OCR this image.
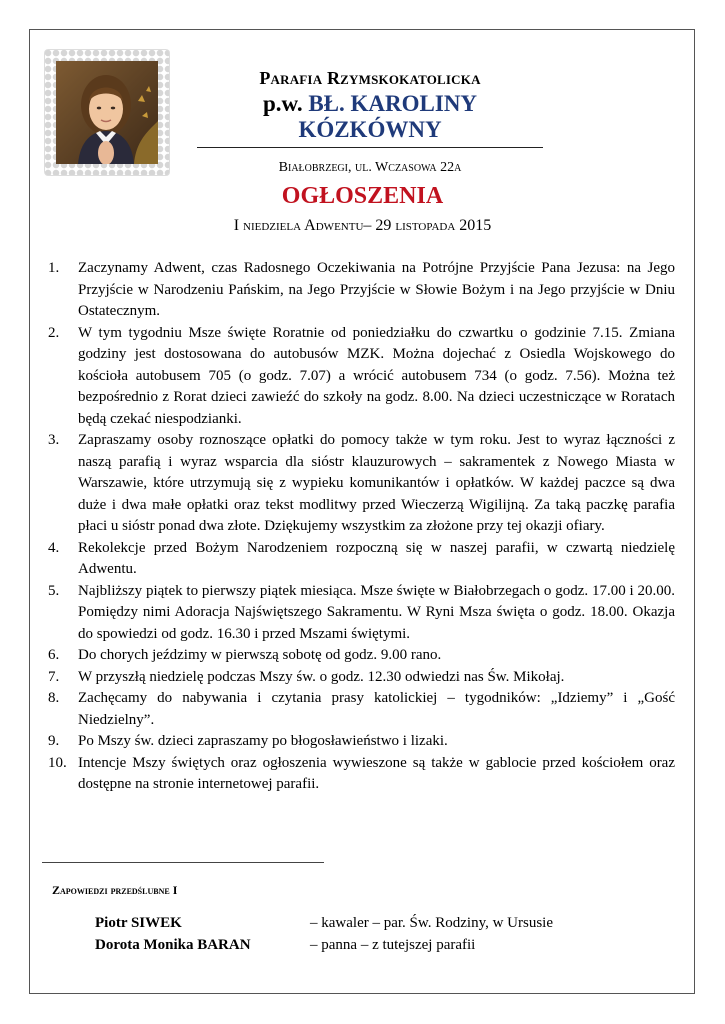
Parafia Rzymskokatolicka
p.w. BŁ. KAROLINY KÓZKÓWNY
Białobrzegi, ul. Wczasowa 22a
OGŁOSZENIA
I niedziela Adwentu– 29 listopada 2015
1.	Zaczynamy Adwent, czas Radosnego Oczekiwania na Potrójne Przyjście Pana Jezusa: na Jego Przyjście w Narodzeniu Pańskim, na Jego Przyjście w Słowie Bożym i na Jego przyjście w Dniu Ostatecznym.
2.	W tym tygodniu Msze święte Roratnie od poniedziałku do czwartku o godzinie 7.15. Zmiana godziny jest dostosowana do autobusów MZK. Można dojechać z Osiedla Wojskowego do kościoła autobusem 705 (o godz. 7.07) a wrócić autobusem 734 (o godz. 7.56). Można też bezpośrednio z Rorat dzieci zawieźć do szkoły na godz. 8.00. Na dzieci uczestniczące w Roratach będą czekać niespodzianki.
3.	Zapraszamy osoby roznoszące opłatki do pomocy także w tym roku. Jest to wyraz łączności z naszą parafią i wyraz wsparcia dla sióstr klauzurowych – sakramentek z Nowego Miasta w Warszawie, które utrzymują się z wypieku komunikantów i opłatków. W każdej paczce są dwa duże i dwa małe opłatki oraz tekst modlitwy przed Wieczerzą Wigilijną. Za taką paczkę parafia płaci u sióstr ponad dwa złote. Dziękujemy wszystkim za złożone przy tej okazji ofiary.
4.	Rekolekcje przed Bożym Narodzeniem rozpoczną się w naszej parafii, w czwartą niedzielę Adwentu.
5.	Najbliższy piątek to pierwszy piątek miesiąca. Msze święte w Białobrzegach o godz. 17.00 i 20.00. Pomiędzy nimi Adoracja Najświętszego Sakramentu. W Ryni Msza święta o godz. 18.00. Okazja do spowiedzi od godz. 16.30 i przed Mszami świętymi.
6.	Do chorych jeździmy w pierwszą sobotę od godz. 9.00 rano.
7.	W przyszłą niedzielę podczas Mszy św. o godz. 12.30 odwiedzi nas Św. Mikołaj.
8.	Zachęcamy do nabywania i czytania prasy katolickiej – tygodników: „Idziemy” i „Gość Niedzielny”.
9.	Po Mszy św. dzieci zapraszamy po błogosławieństwo i lizaki.
10. Intencje Mszy świętych oraz ogłoszenia wywieszone są także w gablocie przed kościołem oraz dostępne na stronie internetowej parafii.
Zapowiedzi przedślubne I
Piotr SIWEK	– kawaler – par. Św. Rodziny, w Ursusie
Dorota Monika BARAN	– panna – z tutejszej parafii
